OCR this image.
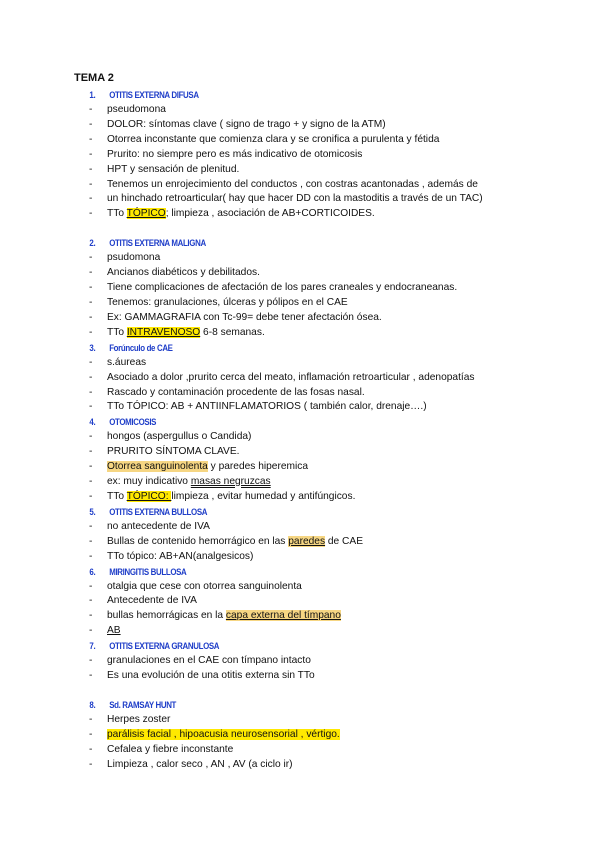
TEMA 2
1. OTITIS EXTERNA DIFUSA
- pseudomona
- DOLOR: síntomas clave ( signo de trago + y signo de la ATM)
- Otorrea inconstante que comienza clara y se cronifica a purulenta y fétida
- Prurito: no siempre pero es más indicativo de otomicosis
- HPT y sensación de plenitud.
- Tenemos un enrojecimiento del conductos , con costras acantonadas , además de
- un hinchado retroarticular( hay que hacer DD con la mastoditis a través de un TAC)
- TTo TÓPICO; limpieza , asociación de AB+CORTICOIDES.
2. OTITIS EXTERNA MALIGNA
- psudomona
- Ancianos diabéticos y debilitados.
- Tiene complicaciones de afectación de los pares craneales y endocraneanas.
- Tenemos: granulaciones, úlceras y pólipos en el CAE
- Ex: GAMMAGRAFIA con Tc-99= debe tener afectación ósea.
- TTo INTRAVENOSO 6-8 semanas.
3. Forúnculo de CAE
- s.áureas
- Asociado a dolor ,prurito cerca del meato, inflamación retroarticular , adenopatías
- Rascado y contaminación procedente de las fosas nasal.
- TTo TÓPICO: AB + ANTIINFLAMATORIOS ( también calor, drenaje….)
4. OTOMICOSIS
- hongos (aspergullus o Candida)
- PRURITO SÍNTOMA CLAVE.
- Otorrea sanguinolenta y paredes hiperemica
- ex: muy indicativo masas negruzcas
- TTo TÓPICO: limpieza , evitar humedad y antifúngicos.
5. OTITIS EXTERNA BULLOSA
- no antecedente de IVA
- Bullas de contenido hemorrágico en las paredes de CAE
- TTo tópico: AB+AN(analgesicos)
6. MIRINGITIS BULLOSA
- otalgia que cese con otorrea sanguinolenta
- Antecedente de IVA
- bullas hemorrágicas en la capa externa del tímpano
- AB
7. OTITIS EXTERNA GRANULOSA
- granulaciones en el CAE con tímpano intacto
- Es una evolución de una otitis externa sin TTo
8. Sd. RAMSAY HUNT
- Herpes zoster
- parálisis facial , hipoacusia neurosensorial , vértigo.
- Cefalea y fiebre inconstante
- Limpieza , calor seco , AN , AV (a ciclo ir)
